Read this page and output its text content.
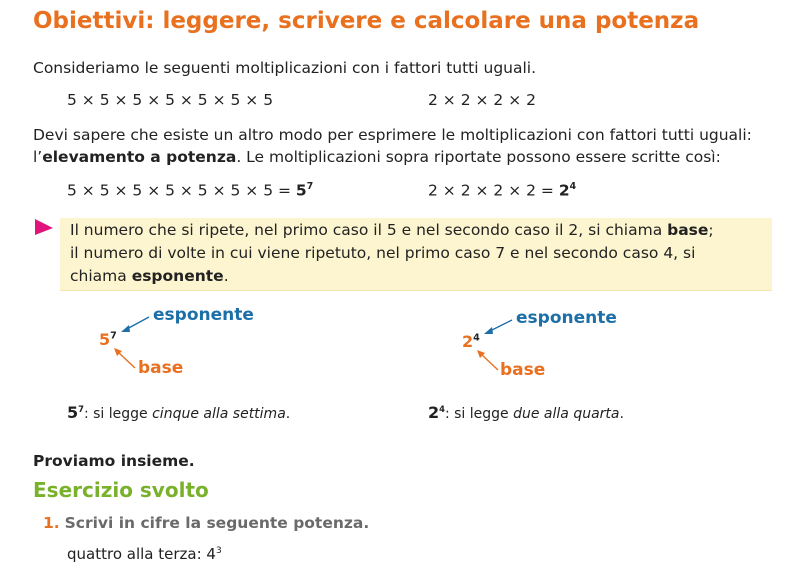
Obiettivi: leggere, scrivere e calcolare una potenza
Consideriamo le seguenti moltiplicazioni con i fattori tutti uguali.
5 × 5 × 5 × 5 × 5 × 5 × 5	2 × 2 × 2 × 2
Devi sapere che esiste un altro modo per esprimere le moltiplicazioni con fattori tutti uguali:
l’elevamento a potenza. Le moltiplicazioni sopra riportate possono essere scritte così:
$5 \times 5 \times 5 \times 5 \times 5 \times 5 \times 5 = 5^7$	$2 \times 2 \times 2 \times 2 = 2^4$
Il numero che si ripete, nel primo caso il 5 e nel secondo caso il 2, si chiama base;
il numero di volte in cui viene ripetuto, nel primo caso 7 e nel secondo caso 4, si
chiama esponente.
$5^7$
esponente
base
$2^4$
esponente
base
$5^7$: si legge cinque alla settima.	$2^4$: si legge due alla quarta.
Proviamo insieme.
Esercizio svolto
1. Scrivi in cifre la seguente potenza.
quattro alla terza: $4^3$
